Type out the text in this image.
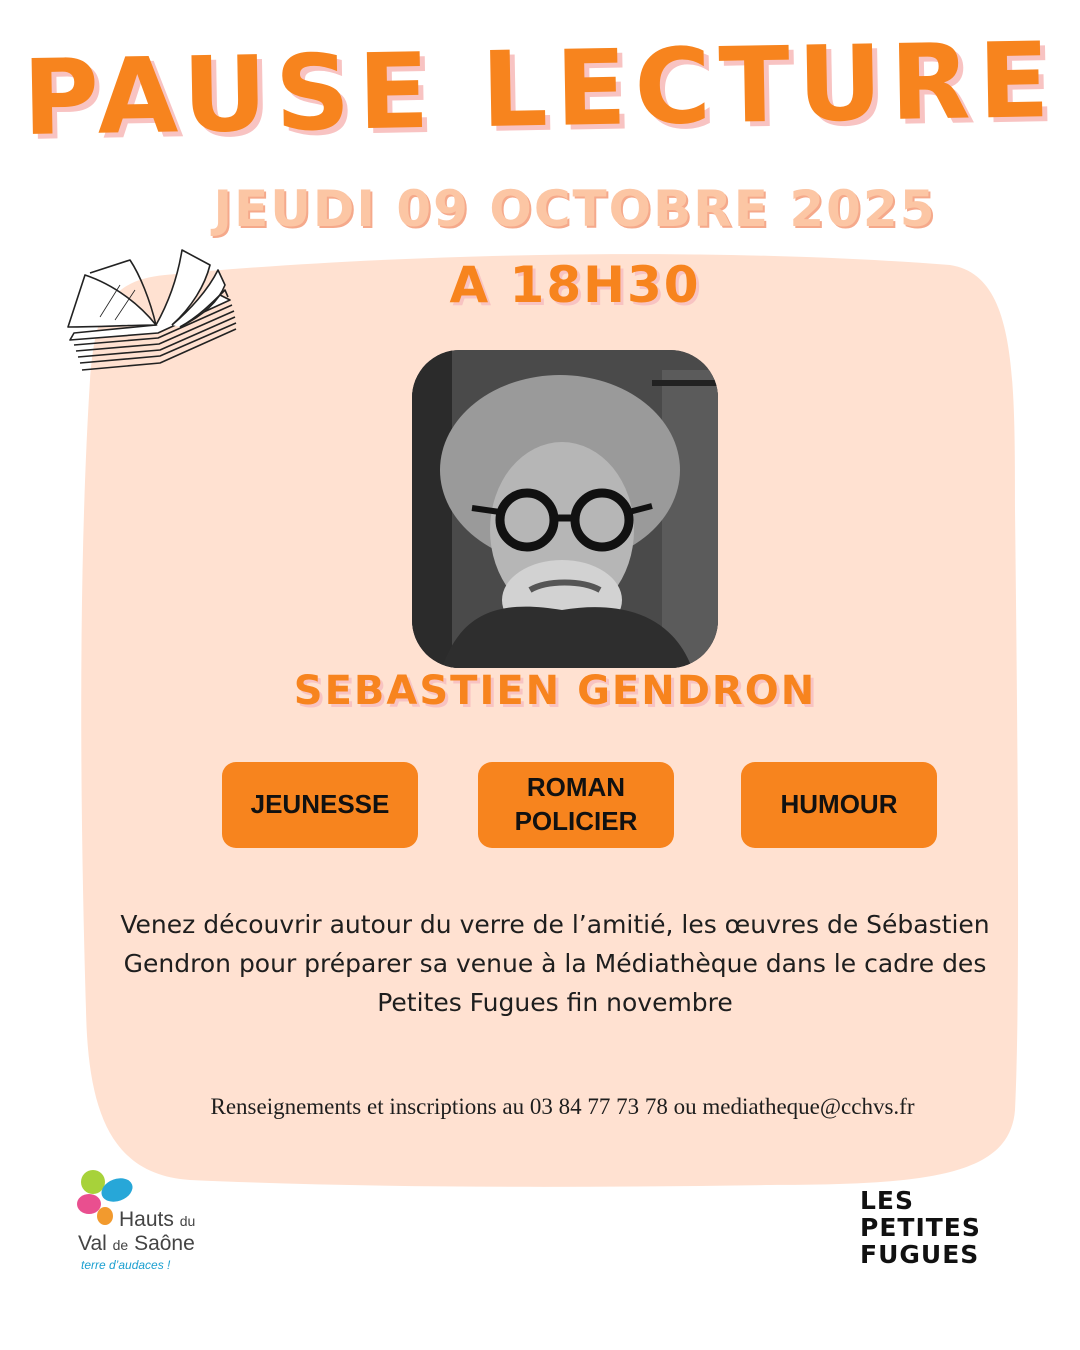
PAUSE LECTURE
JEUDI 09 OCTOBRE 2025
A 18H30
SEBASTIEN GENDRON
JEUNESSE
ROMAN
POLICIER
HUMOUR
Venez découvrir autour du verre de l’amitié, les œuvres de Sébastien Gendron pour préparer sa venue à la Médiathèque dans le cadre des Petites Fugues fin novembre
Renseignements et inscriptions au 03 84 77 73 78 ou mediatheque@cchvs.fr
Hauts du
Val de Saône
terre d’audaces !
LES
PETITES
FUGUES
